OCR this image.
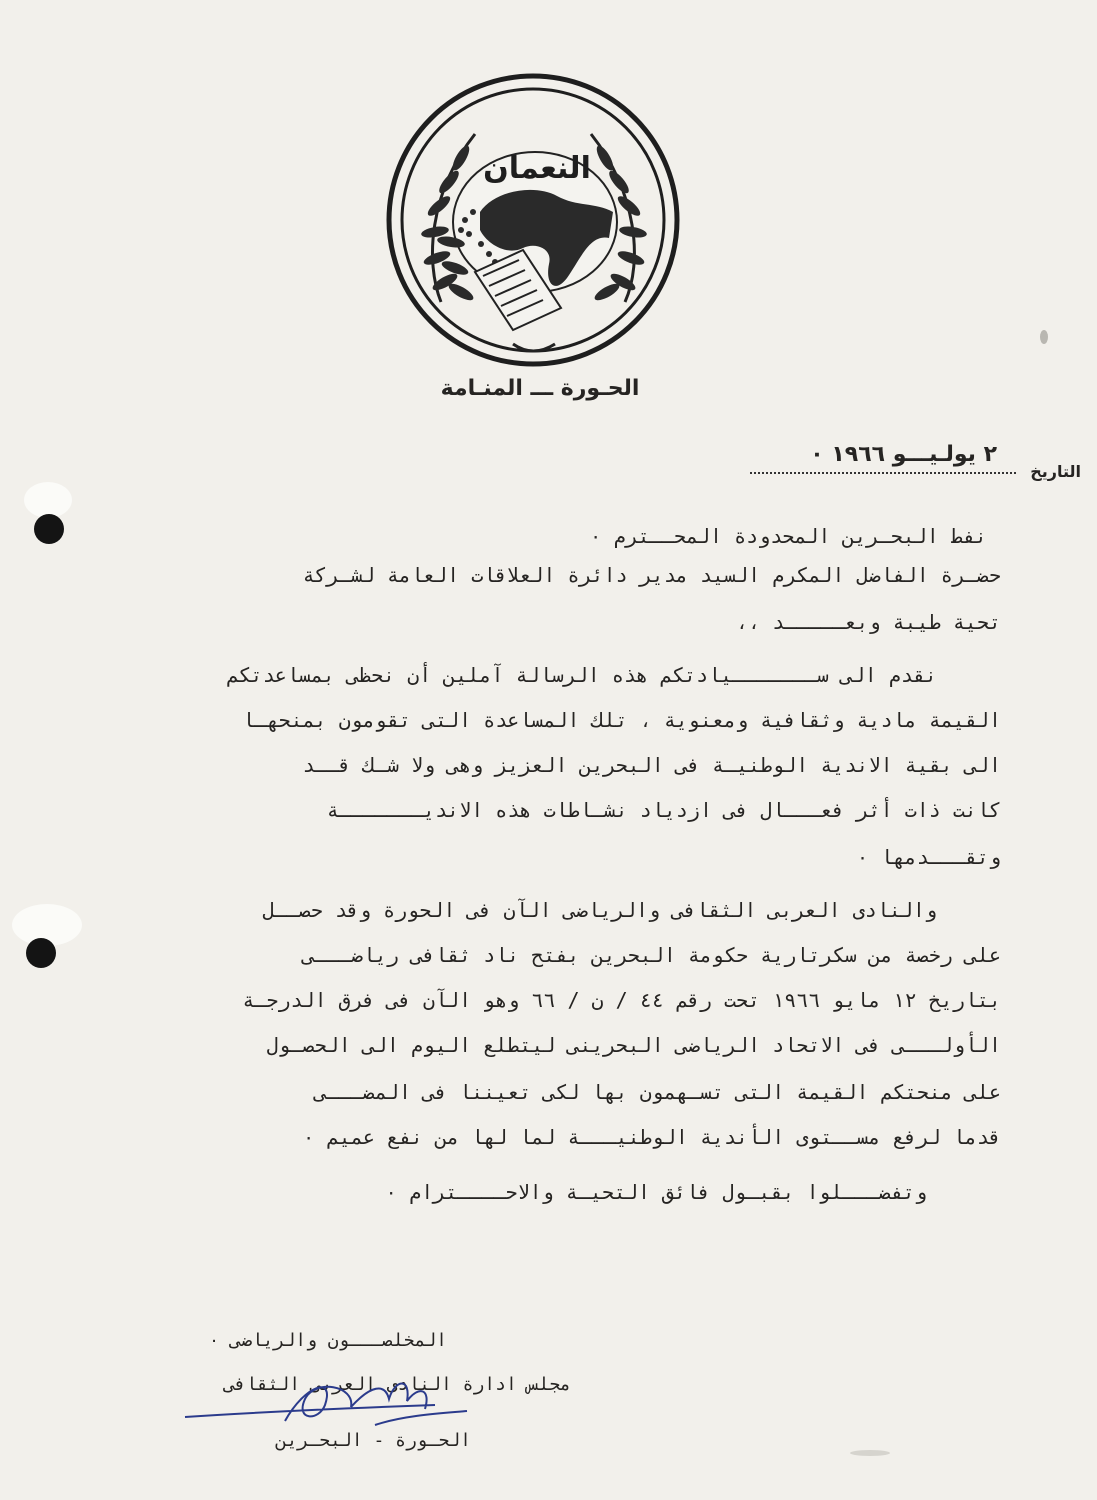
النعمان
الحـورة ـــ المنـامة
التاريخ
٢ يولـيـــو ١٩٦٦ ٠
نفط البحـرين المحدودة المحــترم ٠
حضـرة الفاضل المكرم السيد مدير دائرة العلاقات العامة لشـركة
تحية طيبة وبعـــــد ،،
نقدم الى ســـــــيادتكم هذه الرسالة آملين أن نحظى بمساعدتكم
القيمة مادية وثقافية ومعنوية ، تلك المساعدة التى تقومون بمنحهـا
الى بقية الاندية الوطنيـة فى البحرين العزيز وهى ولا شـك قــد
كانت ذات أثر فعـــال فى ازدياد نشـاطات هذه الانديـــــــة
وتقـــدمها ٠
والنادى العربى الثقافى والرياضى الآن فى الحورة وقد حصــل
على رخصة من سكرتارية حكومة البحرين بفتح ناد ثقافى رياضـــى
بتاريخ ١٢ مايو ١٩٦٦ تحت رقم ٤٤ / ن / ٦٦ وهو الآن فى فرق الدرجـة
الأولـــى فى الاتحاد الرياضى البحرينى ليتطلع اليوم الى الحصـول
على منحتكم القيمة التى تسـهمون بها لكى تعيننا فى المضـــى
قدما لرفع مســتوى الأندية الوطنيـــة لما لها من نفع عميم ٠
وتفضـــلوا بقبـول فائق التحيـة والاحــــترام ٠
المخلصـــون والرياضى ٠
مجلس ادارة النادى العربى الثقافى
الحـورة - البحـرين
